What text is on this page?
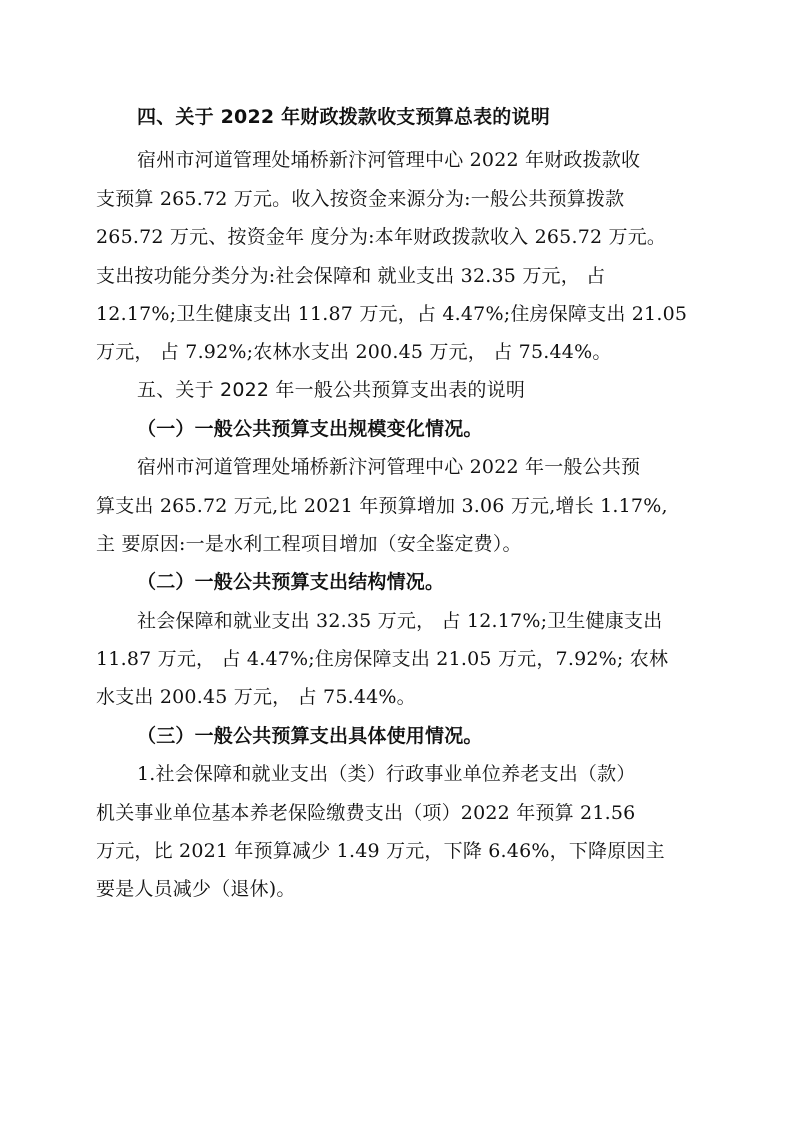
四、关于 2022 年财政拨款收支预算总表的说明
宿州市河道管理处埇桥新汴河管理中心 2022 年财政拨款收
支预算 265.72 万元。收入按资金来源分为:一般公共预算拨款
265.72 万元、按资金年 度分为:本年财政拨款收入 265.72 万元。
支出按功能分类分为:社会保障和 就业支出 32.35 万元， 占
12.17%;卫生健康支出 11.87 万元，占 4.47%;住房保障支出 21.05
万元， 占 7.92%;农林水支出 200.45 万元， 占 75.44%。
五、关于 2022 年一般公共预算支出表的说明
（一）一般公共预算支出规模变化情况。
宿州市河道管理处埇桥新汴河管理中心 2022 年一般公共预
算支出 265.72 万元,比 2021 年预算增加 3.06 万元,增长 1.17%,
主 要原因:一是水利工程项目增加（安全鉴定费）。
（二）一般公共预算支出结构情况。
社会保障和就业支出 32.35 万元， 占 12.17%;卫生健康支出
11.87 万元， 占 4.47%;住房保障支出 21.05 万元，7.92%; 农林
水支出 200.45 万元， 占 75.44%。
（三）一般公共预算支出具体使用情况。
1.社会保障和就业支出（类）行政事业单位养老支出（款）
机关事业单位基本养老保险缴费支出（项）2022 年预算 21.56
万元，比 2021 年预算减少 1.49 万元，下降 6.46%，下降原因主
要是人员减少（退休)。
